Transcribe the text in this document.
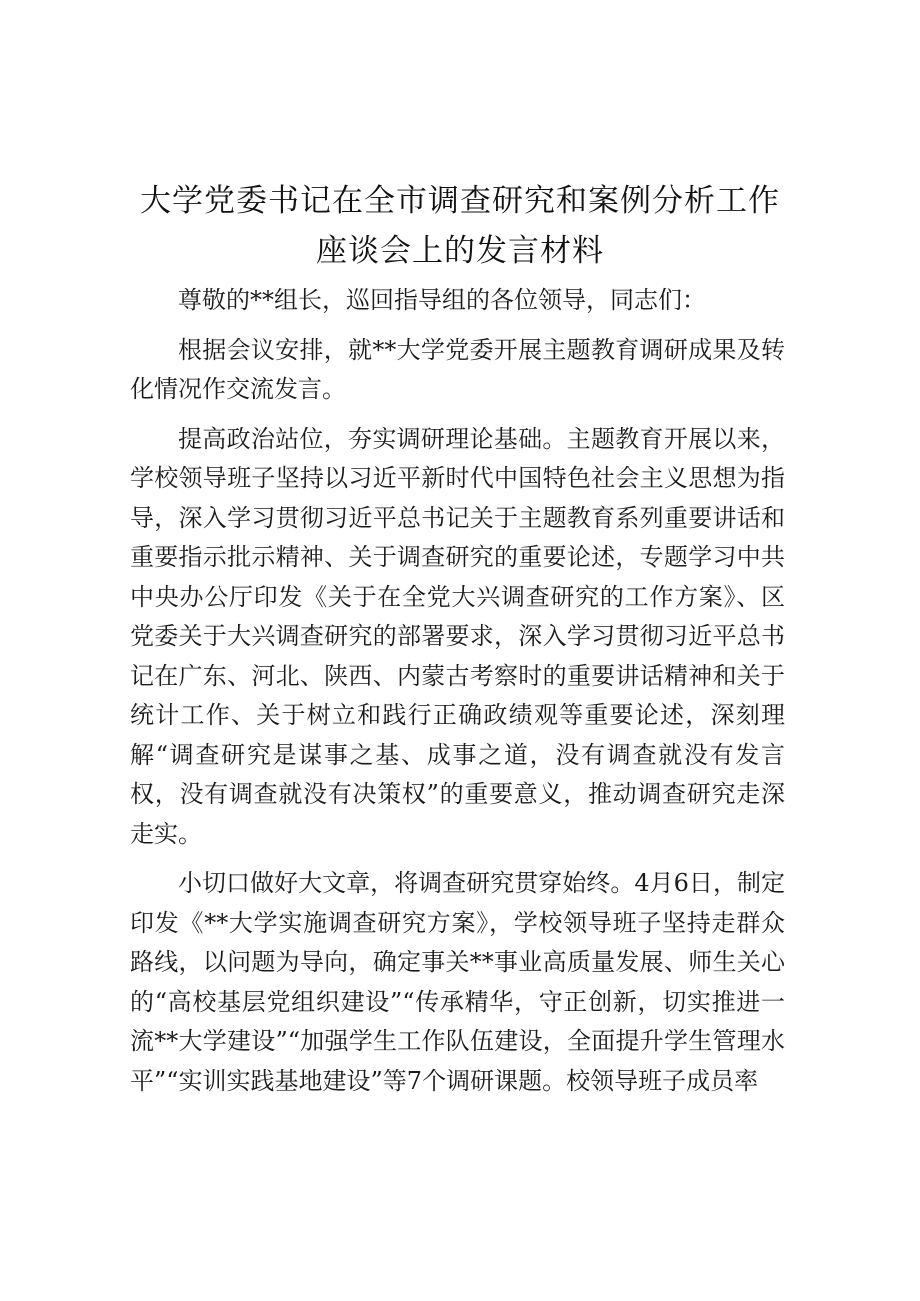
大学党委书记在全市调查研究和案例分析工作
座谈会上的发言材料

尊敬的**组长，巡回指导组的各位领导，同志们：

根据会议安排，就**大学党委开展主题教育调研成果及转化情况作交流发言。

提高政治站位，夯实调研理论基础。主题教育开展以来，学校领导班子坚持以习近平新时代中国特色社会主义思想为指导，深入学习贯彻习近平总书记关于主题教育系列重要讲话和重要指示批示精神、关于调查研究的重要论述，专题学习中共中央办公厅印发《关于在全党大兴调查研究的工作方案》、区党委关于大兴调查研究的部署要求，深入学习贯彻习近平总书记在广东、河北、陕西、内蒙古考察时的重要讲话精神和关于统计工作、关于树立和践行正确政绩观等重要论述，深刻理解“调查研究是谋事之基、成事之道，没有调查就没有发言权，没有调查就没有决策权”的重要意义，推动调查研究走深走实。

小切口做好大文章，将调查研究贯穿始终。4月6日，制定印发《**大学实施调查研究方案》，学校领导班子坚持走群众路线，以问题为导向，确定事关**事业高质量发展、师生关心的“高校基层党组织建设”“传承精华，守正创新，切实推进一流**大学建设”“加强学生工作队伍建设，全面提升学生管理水平”“实训实践基地建设”等7个调研课题。校领导班子成员率
